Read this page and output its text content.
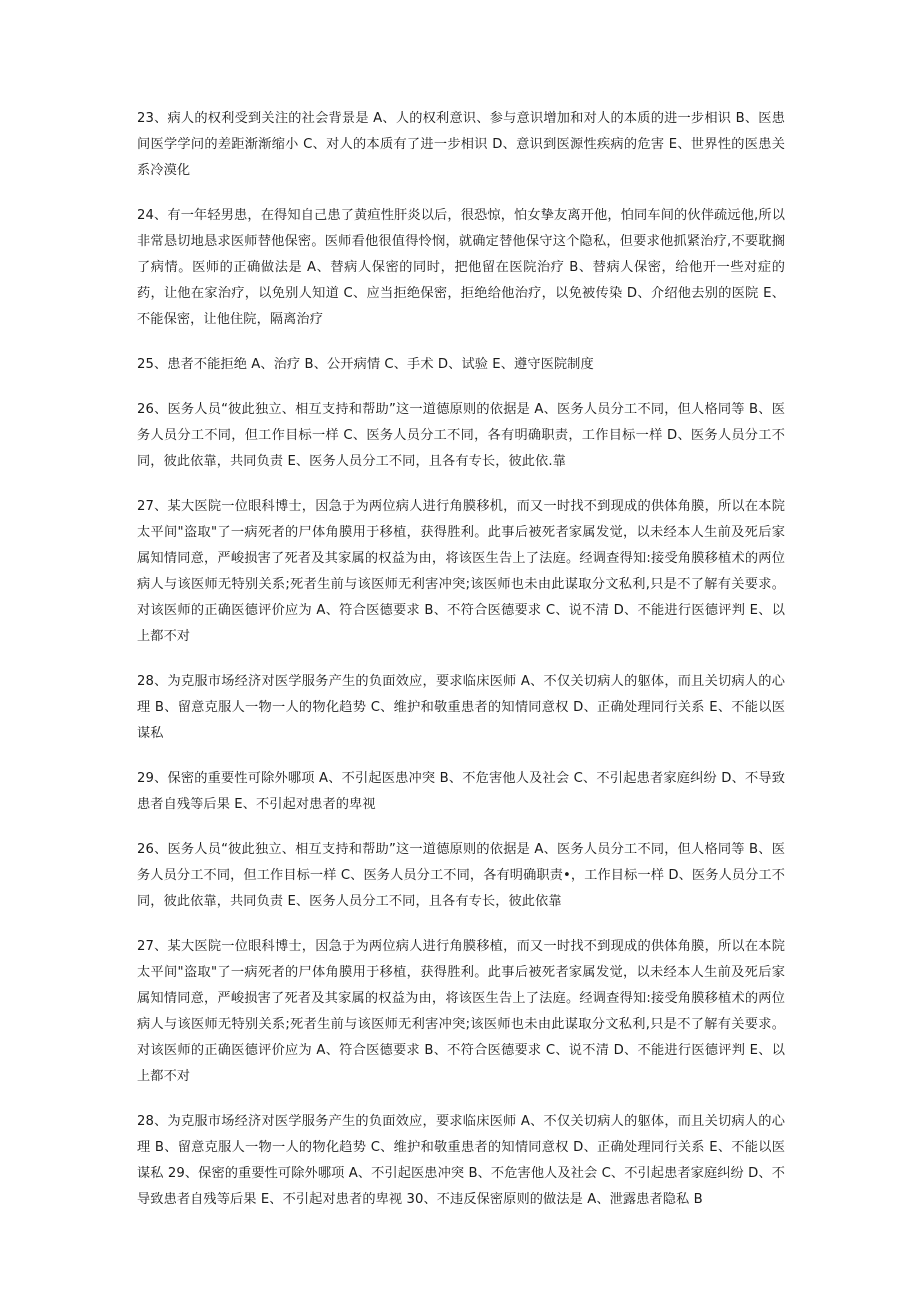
23、病人的权利受到关注的社会背景是 A、人的权利意识、参与意识增加和对人的本质的进一步相识 B、医患间医学学问的差距渐渐缩小 C、对人的本质有了进一步相识 D、意识到医源性疾病的危害 E、世界性的医患关系冷漠化

24、有一年轻男患，在得知自己患了黄疸性肝炎以后，很恐惊，怕女挚友离开他，怕同车间的伙伴疏远他,所以非常恳切地恳求医师替他保密。医师看他很值得怜悯，就确定替他保守这个隐私，但要求他抓紧治疗,不要耽搁了病情。医师的正确做法是 A、替病人保密的同时，把他留在医院治疗 B、替病人保密，给他开一些对症的药，让他在家治疗，以免别人知道 C、应当拒绝保密，拒绝给他治疗，以免被传染 D、介绍他去别的医院 E、不能保密，让他住院，隔离治疗

25、患者不能拒绝 A、治疗 B、公开病情 C、手术 D、试验 E、遵守医院制度

26、医务人员“彼此独立、相互支持和帮助”这一道德原则的依据是 A、医务人员分工不同，但人格同等 B、医务人员分工不同，但工作目标一样 C、医务人员分工不同，各有明确职责，工作目标一样 D、医务人员分工不同，彼此依靠，共同负责 E、医务人员分工不同，且各有专长，彼此依.靠

27、某大医院一位眼科博士，因急于为两位病人进行角膜移机，而又一时找不到现成的供体角膜，所以在本院太平间"盗取"了一病死者的尸体角膜用于移植，获得胜利。此事后被死者家属发觉，以未经本人生前及死后家属知情同意，严峻损害了死者及其家属的权益为由，将该医生告上了法庭。经调查得知:接受角膜移植术的两位病人与该医师无特别关系;死者生前与该医师无利害冲突;该医师也未由此谋取分文私利,只是不了解有关要求。对该医师的正确医德评价应为 A、符合医德要求 B、不符合医德要求 C、说不清 D、不能进行医德评判 E、以上都不对

28、为克服市场经济对医学服务产生的负面效应，要求临床医师 A、不仅关切病人的躯体，而且关切病人的心理 B、留意克服人一物一人的物化趋势 C、维护和敬重患者的知情同意权 D、正确处理同行关系 E、不能以医谋私

29、保密的重要性可除外哪项 A、不引起医患冲突 B、不危害他人及社会 C、不引起患者家庭纠纷 D、不导致患者自残等后果 E、不引起对患者的卑视

26、医务人员“彼此独立、相互支持和帮助”这一道德原则的依据是 A、医务人员分工不同，但人格同等 B、医务人员分工不同，但工作目标一样 C、医务人员分工不同，各有明确职责•，工作目标一样 D、医务人员分工不同，彼此依靠，共同负责 E、医务人员分工不同，且各有专长，彼此依靠

27、某大医院一位眼科博士，因急于为两位病人进行角膜移植，而又一时找不到现成的供体角膜，所以在本院太平间"盗取"了一病死者的尸体角膜用于移植，获得胜利。此事后被死者家属发觉，以未经本人生前及死后家属知情同意，严峻损害了死者及其家属的权益为由，将该医生告上了法庭。经调查得知:接受角膜移植术的两位病人与该医师无特别关系;死者生前与该医师无利害冲突;该医师也未由此谋取分文私利,只是不了解有关要求。对该医师的正确医德评价应为 A、符合医德要求 B、不符合医德要求 C、说不清 D、不能进行医德评判 E、以上都不对

28、为克服市场经济对医学服务产生的负面效应，要求临床医师 A、不仅关切病人的躯体，而且关切病人的心理 B、留意克服人一物一人的物化趋势 C、维护和敬重患者的知情同意权 D、正确处理同行关系 E、不能以医谋私 29、保密的重要性可除外哪项 A、不引起医患冲突 B、不危害他人及社会 C、不引起患者家庭纠纷 D、不导致患者自残等后果 E、不引起对患者的卑视 30、不违反保密原则的做法是 A、泄露患者隐私 B
